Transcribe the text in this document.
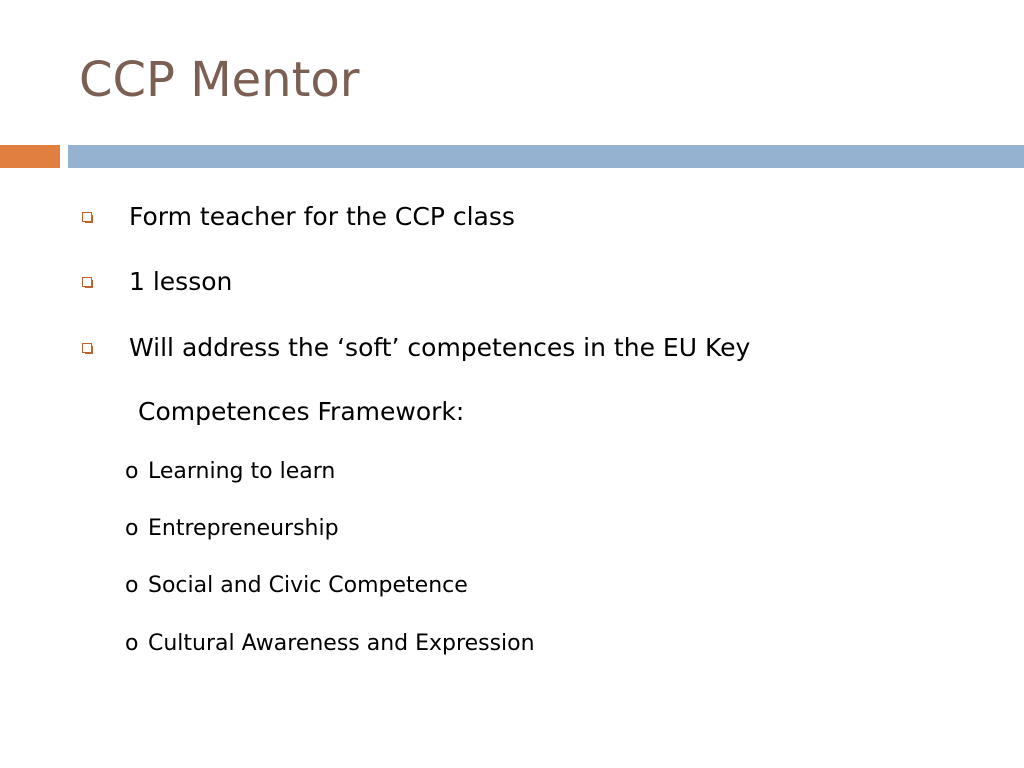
CCP Mentor
Form teacher for the CCP class
1 lesson
Will address the ‘soft’ competences in the EU Key
Competences Framework:
o Learning to learn
o Entrepreneurship
o Social and Civic Competence
o Cultural Awareness and Expression
